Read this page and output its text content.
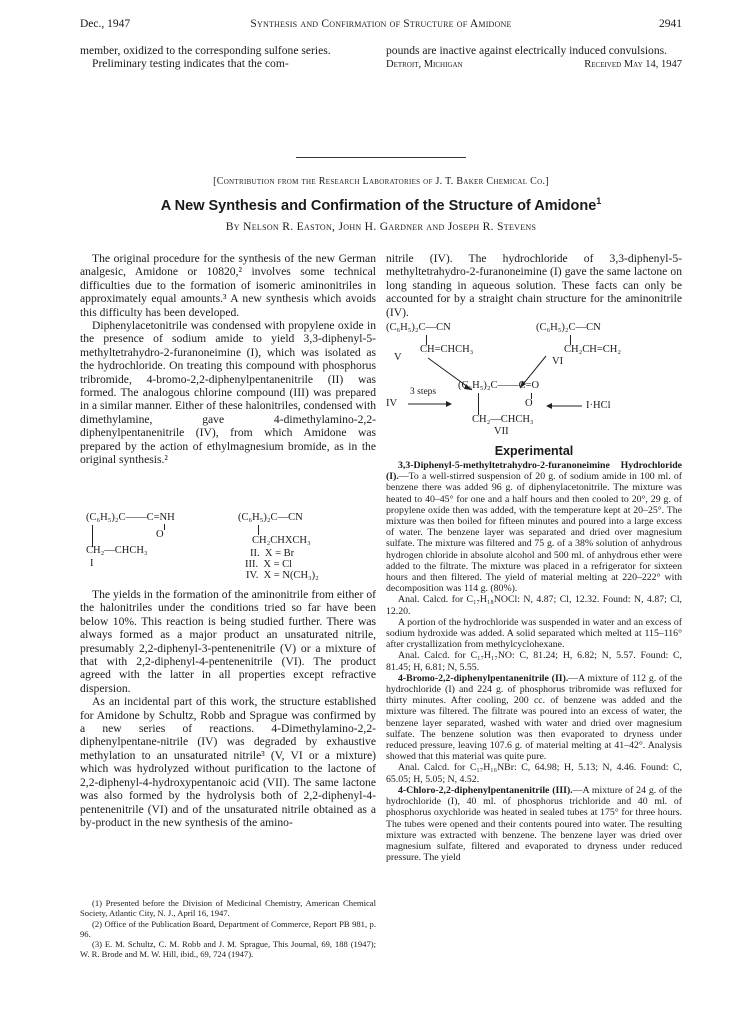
Dec., 1947	Synthesis and Confirmation of Structure of Amidone	2941

member, oxidized to the corresponding sulfone series.

Preliminary testing indicates that the com-

pounds are inactive against electrically induced convulsions.

Detroit, Michigan	Received May 14, 1947
[Contribution from the Research Laboratories of J. T. Baker Chemical Co.]
A New Synthesis and Confirmation of the Structure of Amidone$^1$
By Nelson R. Easton, John H. Gardner and Joseph R. Stevens

The original procedure for the synthesis of the new German analgesic, Amidone or 10820,² involves some technical difficulties due to the formation of isomeric aminonitriles in approximately equal amounts.³ A new synthesis which avoids this difficulty has been developed.

Diphenylacetonitrile was condensed with propylene oxide in the presence of sodium amide to yield 3,3-diphenyl-5-methyltetrahydro-2-furanoneimine (I), which was isolated as the hydrochloride. On treating this compound with phosphorus tribromide, 4-bromo-2,2-diphenylpentanenitrile (II) was formed. The analogous chlorine compound (III) was prepared in a similar manner. Either of these halonitriles, condensed with dimethylamine, gave 4-dimethylamino-2,2-diphenylpentanenitrile (IV), from which Amidone was prepared by the action of ethylmagnesium bromide, as in the original synthesis.²

(C₆H₅)₂C——C=NH
O
CH₂—CHCH₃
I
(C₆H₅)₂C—CN
CH₂CHXCH₃
II.  X = Br
III.  X = Cl
IV.  X = N(CH₃)₂

The yields in the formation of the aminonitrile from either of the halonitriles under the conditions tried so far have been below 10%. This reaction is being studied further. There was always formed as a major product an unsaturated nitrile, presumably 2,2-diphenyl-3-pentenenitrile (V) or a mixture of that with 2,2-diphenyl-4-pentenenitrile (VI). The product agreed with the latter in all properties except refractive dispersion.

As an incidental part of this work, the structure established for Amidone by Schultz, Robb and Sprague was confirmed by a new series of reactions. 4-Dimethylamino-2,2-diphenylpentane-nitrile (IV) was degraded by exhaustive methylation to an unsaturated nitrile³ (V, VI or a mixture) which was hydrolyzed without purification to the lactone of 2,2-diphenyl-4-hydroxypentanoic acid (VII). The same lactone was also formed by the hydrolysis both of 2,2-diphenyl-4-pentenenitrile (VI) and of the unsaturated nitrile obtained as a by-product in the new synthesis of the amino-

(1) Presented before the Division of Medicinal Chemistry, American Chemical Society, Atlantic City, N. J., April 16, 1947.

(2) Office of the Publication Board, Department of Commerce, Report PB 981, p. 96.

(3) E. M. Schultz, C. M. Robb and J. M. Sprague, This Journal, 69, 188 (1947); W. R. Brode and M. W. Hill, ibid., 69, 724 (1947).

nitrile (IV). The hydrochloride of 3,3-diphenyl-5-methyltetrahydro-2-furanoneimine (I) gave the same lactone on long standing in aqueous solution. These facts can only be accounted for by a straight chain structure for the aminonitrile (IV).

(C₆H₅)₂C—CN
CH=CHCH₃
V
(C₆H₅)₂C—CN
CH₂CH=CH₂
VI
IV
3 steps
(C₆H₅)₂C——C=O
O
CH₂—CHCH₃
VII
I·HCl
Experimental

3,3-Diphenyl-5-methyltetrahydro-2-furanoneimine Hydrochloride (I).—To a well-stirred suspension of 20 g. of sodium amide in 100 ml. of benzene there was added 96 g. of diphenylacetonitrile. The mixture was heated to 40–45° for one and a half hours and then cooled to 20°, 29 g. of propylene oxide then was added, with the temperature kept at 20–25°. The mixture was then boiled for fifteen minutes and poured into a large excess of water. The benzene layer was separated and dried over magnesium sulfate. The mixture was filtered and 75 g. of a 38% solution of anhydrous hydrogen chloride in absolute alcohol and 500 ml. of anhydrous ether were added to the filtrate. The mixture was placed in a refrigerator for sixteen hours and then filtered. The yield of material melting at 220–222° with decomposition was 114 g. (80%).

Anal. Calcd. for C₁₇H₁₈NOCl: N, 4.87; Cl, 12.32. Found: N, 4.87; Cl, 12.20.

A portion of the hydrochloride was suspended in water and an excess of sodium hydroxide was added. A solid separated which melted at 115–116° after crystallization from methylcyclohexane.

Anal. Calcd. for C₁₇H₁₇NO: C, 81.24; H, 6.82; N, 5.57. Found: C, 81.45; H, 6.81; N, 5.55.

4-Bromo-2,2-diphenylpentanenitrile (II).—A mixture of 112 g. of the hydrochloride (I) and 224 g. of phosphorus tribromide was refluxed for thirty minutes. After cooling, 200 cc. of benzene was added and the mixture was filtered. The filtrate was poured into an excess of water, the benzene layer separated, washed with water and dried over magnesium sulfate. The benzene solution was then evaporated to dryness under reduced pressure, leaving 107.6 g. of material melting at 41–42°. Analysis showed that this material was quite pure.

Anal. Calcd. for C₁₇H₁₆NBr: C, 64.98; H, 5.13; N, 4.46. Found: C, 65.05; H, 5.05; N, 4.52.

4-Chloro-2,2-diphenylpentanenitrile (III).—A mixture of 24 g. of the hydrochloride (I), 40 ml. of phosphorus trichloride and 40 ml. of phosphorus oxychloride was heated in sealed tubes at 175° for three hours. The tubes were opened and their contents poured into water. The resulting mixture was extracted with benzene. The benzene layer was dried over magnesium sulfate, filtered and evaporated to dryness under reduced pressure. The yield
